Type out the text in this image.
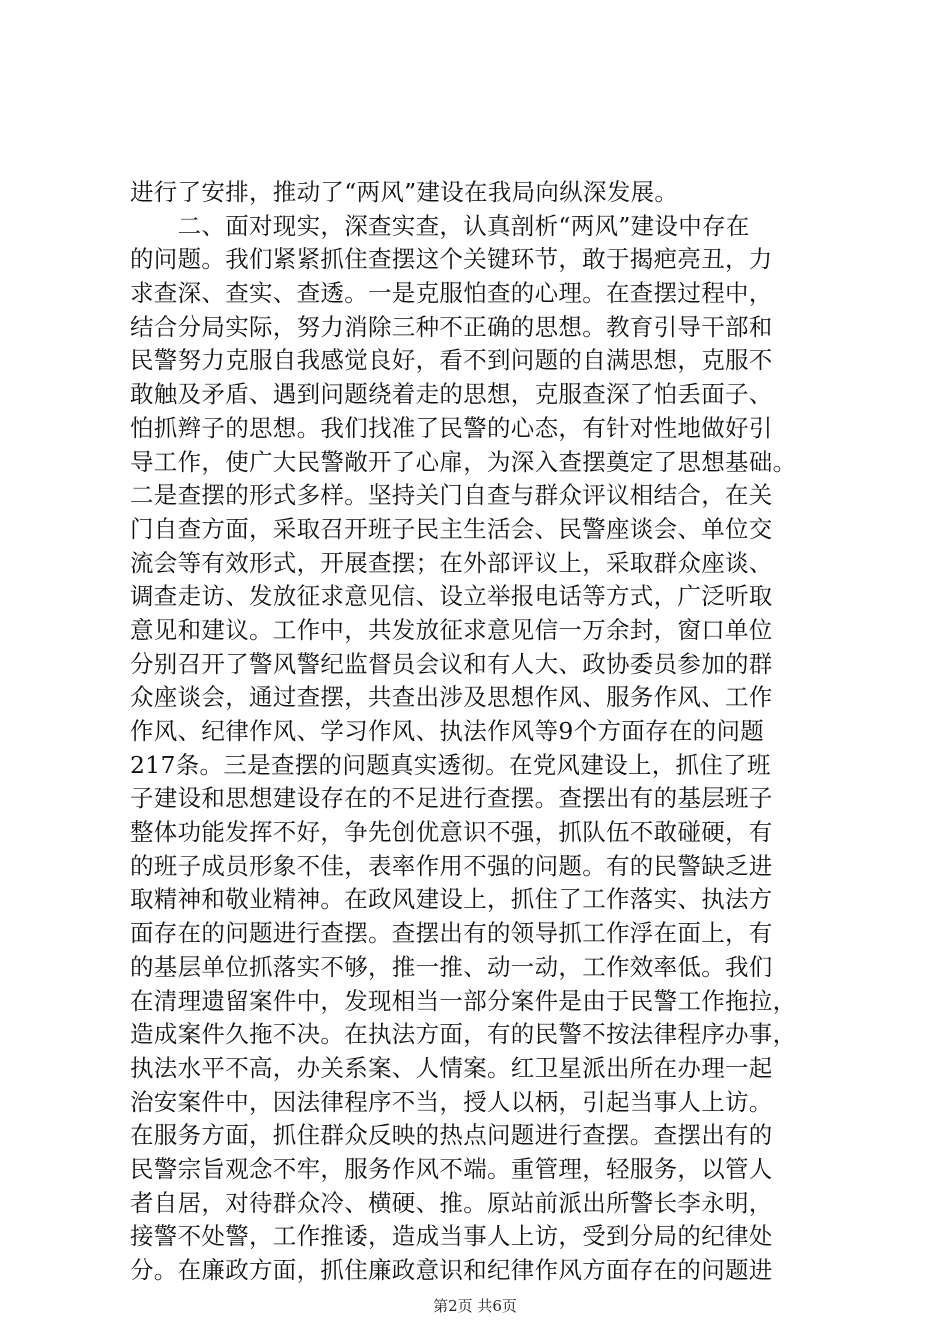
进行了安排，推动了“两风”建设在我局向纵深发展。
　　二、面对现实，深查实查，认真剖析“两风”建设中存在
的问题。我们紧紧抓住查摆这个关键环节，敢于揭疤亮丑，力
求查深、查实、查透。一是克服怕查的心理。在查摆过程中，
结合分局实际，努力消除三种不正确的思想。教育引导干部和
民警努力克服自我感觉良好，看不到问题的自满思想，克服不
敢触及矛盾、遇到问题绕着走的思想，克服查深了怕丢面子、
怕抓辫子的思想。我们找准了民警的心态，有针对性地做好引
导工作，使广大民警敞开了心扉，为深入查摆奠定了思想基础。
二是查摆的形式多样。坚持关门自查与群众评议相结合，在关
门自查方面，采取召开班子民主生活会、民警座谈会、单位交
流会等有效形式，开展查摆；在外部评议上，采取群众座谈、
调查走访、发放征求意见信、设立举报电话等方式，广泛听取
意见和建议。工作中，共发放征求意见信一万余封，窗口单位
分别召开了警风警纪监督员会议和有人大、政协委员参加的群
众座谈会，通过查摆，共查出涉及思想作风、服务作风、工作
作风、纪律作风、学习作风、执法作风等9个方面存在的问题
217条。三是查摆的问题真实透彻。在党风建设上，抓住了班
子建设和思想建设存在的不足进行查摆。查摆出有的基层班子
整体功能发挥不好，争先创优意识不强，抓队伍不敢碰硬，有
的班子成员形象不佳，表率作用不强的问题。有的民警缺乏进
取精神和敬业精神。在政风建设上，抓住了工作落实、执法方
面存在的问题进行查摆。查摆出有的领导抓工作浮在面上，有
的基层单位抓落实不够，推一推、动一动，工作效率低。我们
在清理遗留案件中，发现相当一部分案件是由于民警工作拖拉，
造成案件久拖不决。在执法方面，有的民警不按法律程序办事，
执法水平不高，办关系案、人情案。红卫星派出所在办理一起
治安案件中，因法律程序不当，授人以柄，引起当事人上访。
在服务方面，抓住群众反映的热点问题进行查摆。查摆出有的
民警宗旨观念不牢，服务作风不端。重管理，轻服务，以管人
者自居，对待群众冷、横硬、推。原站前派出所警长李永明，
接警不处警，工作推诿，造成当事人上访，受到分局的纪律处
分。在廉政方面，抓住廉政意识和纪律作风方面存在的问题进
第2页 共6页
